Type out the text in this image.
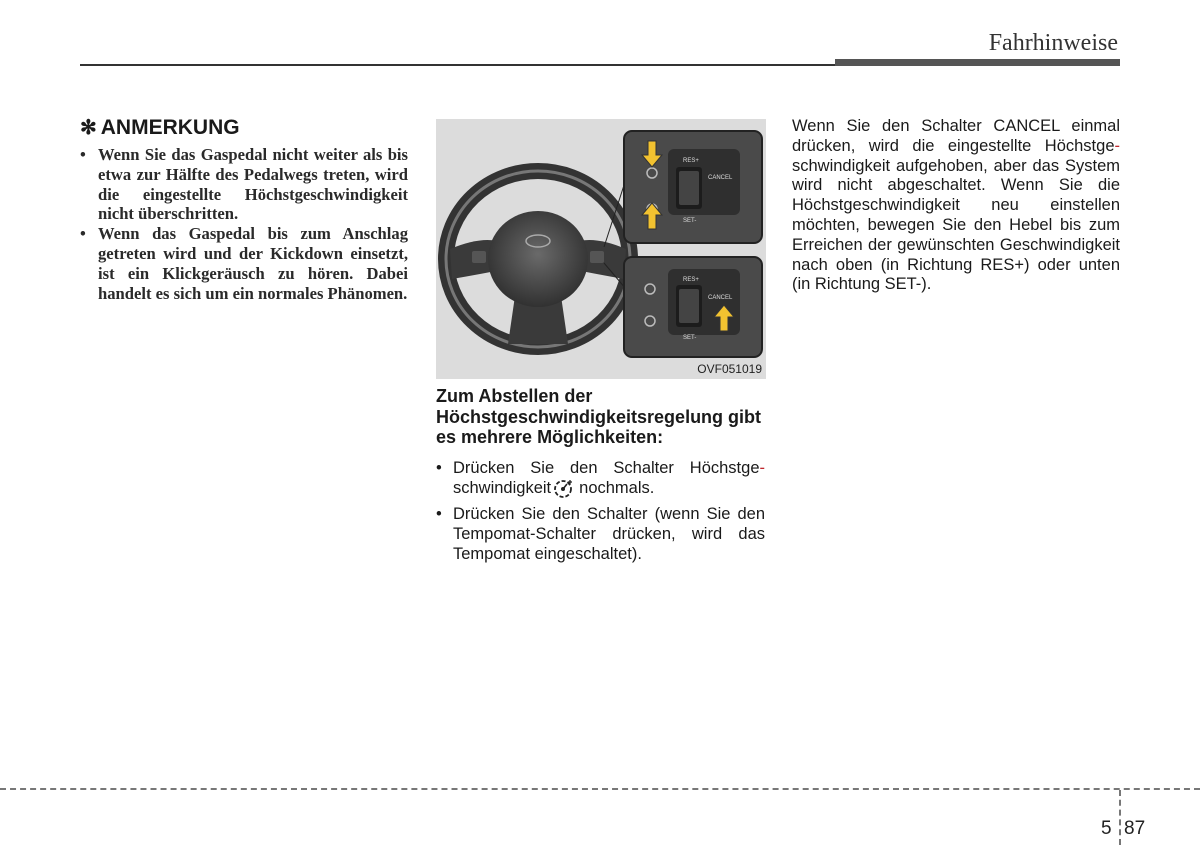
Fahrhinweise
✻ ANMERKUNG
• Wenn Sie das Gaspedal nicht weiter als bis etwa zur Hälfte des Pedalwegs treten, wird die eingestellte Höchstgeschwindigkeit nicht überschritten.
• Wenn das Gaspedal bis zum Anschlag getreten wird und der Kickdown einsetzt, ist ein Klickgeräusch zu hören. Dabei handelt es sich um ein normales Phänomen.
RES+
SET-
CANCEL
RES+
SET-
CANCEL
OVF051019
Zum Abstellen der Höchstgeschwindigkeitsregelung gibt es mehrere Möglichkeiten:
• Drücken Sie den Schalter Höchstge- schwindigkeit nochmals.
• Drücken Sie den Schalter (wenn Sie den Tempomat-Schalter drücken, wird das Tempomat eingeschaltet).
Wenn Sie den Schalter CANCEL einmal drücken, wird die eingestellte Höchstge-schwindigkeit aufgehoben, aber das System wird nicht abgeschaltet. Wenn Sie die Höchstgeschwindigkeit neu einstellen möchten, bewegen Sie den Hebel bis zum Erreichen der gewünschten Geschwindigkeit nach oben (in Richtung RES+) oder unten (in Richtung SET-).
5 87
